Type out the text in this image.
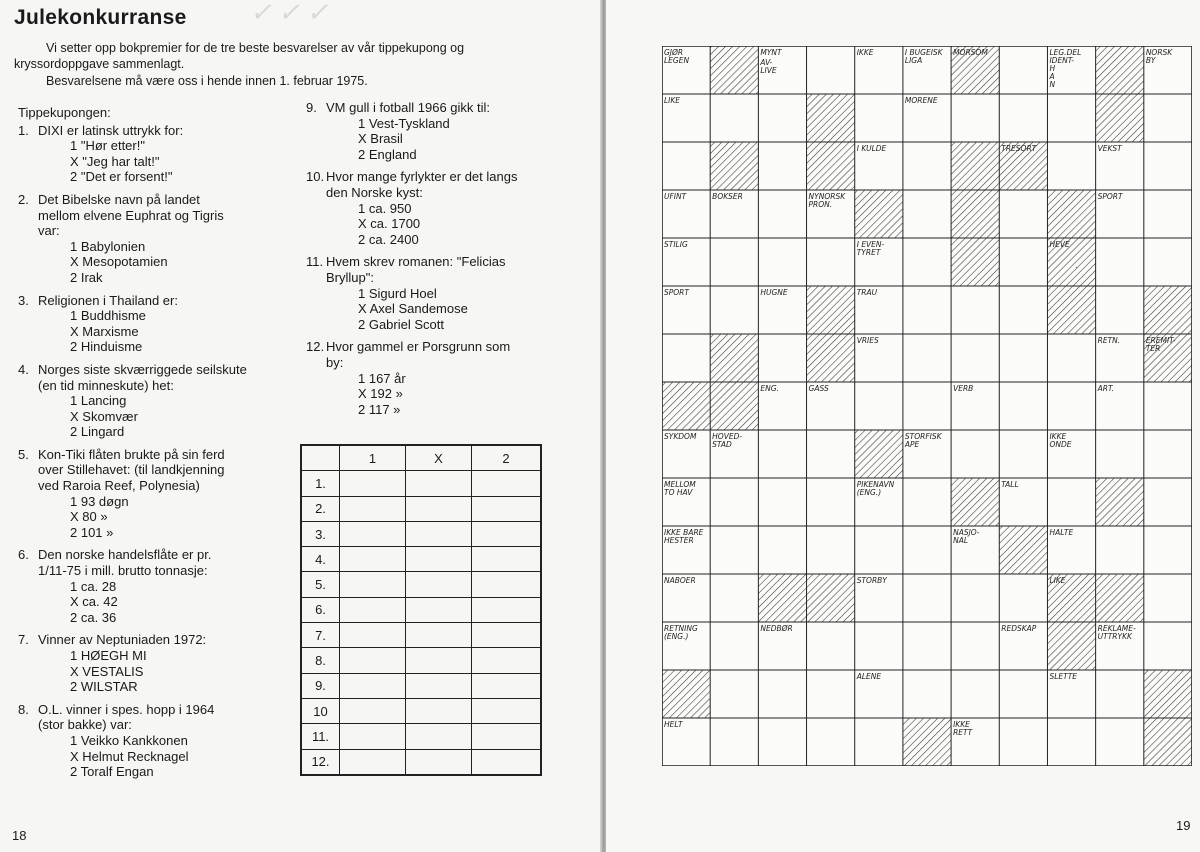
✓ ✓ ✓
Julekonkurranse
Vi setter opp bokpremier for de tre beste besvarelser av vår tippekupong og
kryssordoppgave sammenlagt.
Besvarelsene må være oss i hende innen 1. februar 1975.
Tippekupongen:
1. DIXI er latinsk uttrykk for:
1 "Hør etter!"
X "Jeg har talt!"
2 "Det er forsent!"
2. Det Bibelske navn på landet
mellom elvene Euphrat og Tigris
var:
1 Babylonien
X Mesopotamien
2 Irak
3. Religionen i Thailand er:
1 Buddhisme
X Marxisme
2 Hinduisme
4. Norges siste skværriggede seilskute
(en tid minneskute) het:
1 Lancing
X Skomvær
2 Lingard
5. Kon-Tiki flåten brukte på sin ferd
over Stillehavet: (til landkjenning
ved Raroia Reef, Polynesia)
1 93 døgn
X 80 »
2 101 »
6. Den norske handelsflåte er pr.
1/11-75 i mill. brutto tonnasje:
1 ca. 28
X ca. 42
2 ca. 36
7. Vinner av Neptuniaden 1972:
1 HØEGH MI
X VESTALIS
2 WILSTAR
8. O.L. vinner i spes. hopp i 1964
(stor bakke) var:
1 Veikko Kankkonen
X Helmut Recknagel
2 Toralf Engan
9. VM gull i fotball 1966 gikk til:
1 Vest-Tyskland
X Brasil
2 England
10. Hvor mange fyrlykter er det langs
den Norske kyst:
1 ca. 950
X ca. 1700
2 ca. 2400
11. Hvem skrev romanen: "Felicias
Bryllup":
1 Sigurd Hoel
X Axel Sandemose
2 Gabriel Scott
12. Hvor gammel er Porsgrunn som
by:
1 167 år
X 192 »
2 117 »
	1	X	2
1.			
2.			
3.			
4.			
5.			
6.			
7.			
8.			
9.			
10			
11.			
12.			
18
GJØR
LEGEN
MYNT
AV-
LIVE
IKKE	I BUGEISK
LIGA
MORSOM	LEG.DEL
IDENT-
H
A
N
NORSK
BY
LIKE	MORENE
I KULDE	TRESORT	VEKST
UFINT	BOKSER	NYNORSK
PRON.
SPORT
STILIG	I EVEN-
TYRET
HEVE
SPORT	HUGNE	TRAU
VRIES	RETN.	EREMIT-
TER
ENG.	GASS	VERB	ART.
SYKDOM HOVED-
STAD
STORFISK
APE
IKKE
ONDE
MELLOM
TO HAV
PIKENAVN
(ENG.)
TALL
IKKE BARE
HESTER
NASJO-
NAL
HALTE
NABOER	STORBY	LIKE
RETNING
(ENG.)
NEDBØR	REDSKAP	REKLAME-
UTTRYKK
ALENE	SLETTE
HELT	IKKE
RETT
·
19
